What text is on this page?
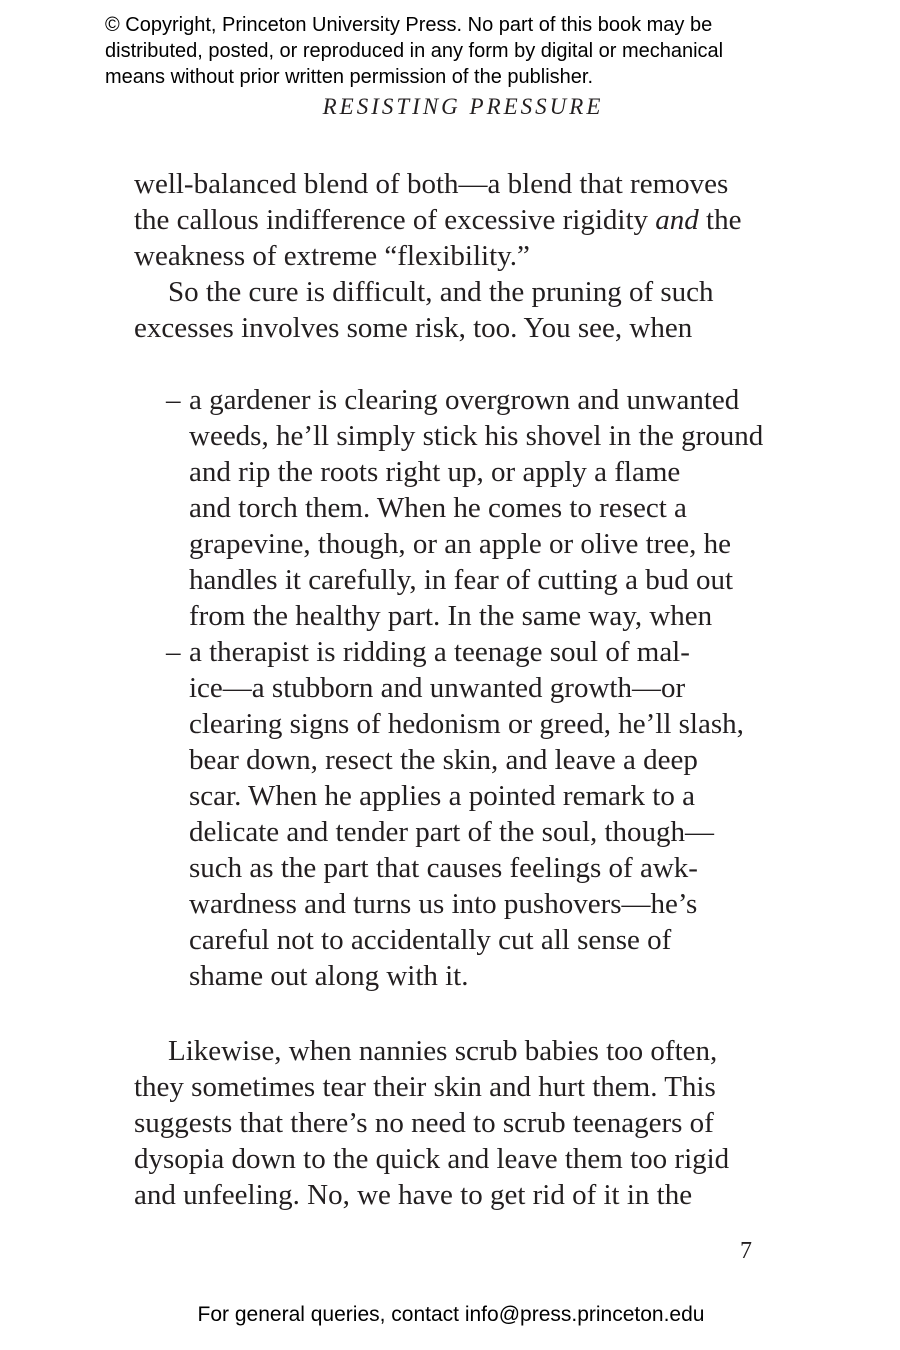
© Copyright, Princeton University Press. No part of this book may be
distributed, posted, or reproduced in any form by digital or mechanical
means without prior written permission of the publisher.
RESISTING PRESSURE
well-balanced blend of both—a blend that removes
the callous indifference of excessive rigidity and the
weakness of extreme “flexibility.”
So the cure is difficult, and the pruning of such
excesses involves some risk, too. You see, when
– a gardener is clearing overgrown and unwanted
weeds, he’ll simply stick his shovel in the ground
and rip the roots right up, or apply a flame
and torch them. When he comes to resect a
grapevine, though, or an apple or olive tree, he
handles it carefully, in fear of cutting a bud out
from the healthy part. In the same way, when
– a therapist is ridding a teenage soul of mal-
ice—a stubborn and unwanted growth—or
clearing signs of hedonism or greed, he’ll slash,
bear down, resect the skin, and leave a deep
scar. When he applies a pointed remark to a
delicate and tender part of the soul, though—
such as the part that causes feelings of awk-
wardness and turns us into pushovers—he’s
careful not to accidentally cut all sense of
shame out along with it.
Likewise, when nannies scrub babies too often,
they sometimes tear their skin and hurt them. This
suggests that there’s no need to scrub teenagers of
dysopia down to the quick and leave them too rigid
and unfeeling. No, we have to get rid of it in the
7
For general queries, contact info@press.princeton.edu
